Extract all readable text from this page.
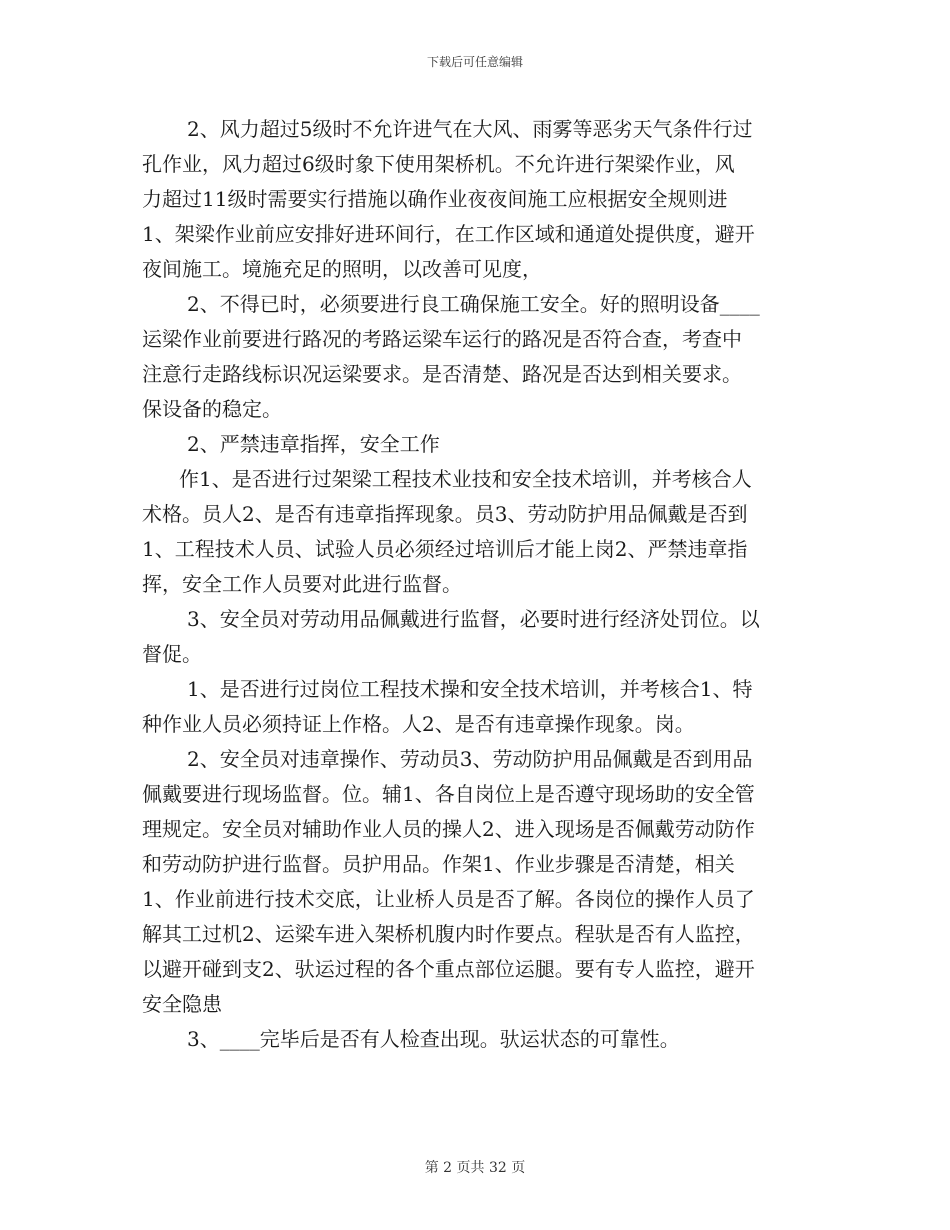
下载后可任意编辑
2、风力超过5级时不允许进气在大风、雨雾等恶劣天气条件行过
孔作业，风力超过6级时象下使用架桥机。不允许进行架梁作业，风
力超过11级时需要实行措施以确作业夜夜间施工应根据安全规则进
1、架梁作业前应安排好进环间行，在工作区域和通道处提供度，避开
夜间施工。境施充足的照明，以改善可见度，
2、不得已时，必须要进行良工确保施工安全。好的照明设备____
运梁作业前要进行路况的考路运梁车运行的路况是否符合查，考查中
注意行走路线标识况运梁要求。是否清楚、路况是否达到相关要求。
保设备的稳定。
2、严禁违章指挥，安全工作
作1、是否进行过架梁工程技术业技和安全技术培训，并考核合人
术格。员人2、是否有违章指挥现象。员3、劳动防护用品佩戴是否到
1、工程技术人员、试验人员必须经过培训后才能上岗2、严禁违章指
挥，安全工作人员要对此进行监督。
3、安全员对劳动用品佩戴进行监督，必要时进行经济处罚位。以
督促。
1、是否进行过岗位工程技术操和安全技术培训，并考核合1、特
种作业人员必须持证上作格。人2、是否有违章操作现象。岗。
2、安全员对违章操作、劳动员3、劳动防护用品佩戴是否到用品
佩戴要进行现场监督。位。辅1、各自岗位上是否遵守现场助的安全管
理规定。安全员对辅助作业人员的操人2、进入现场是否佩戴劳动防作
和劳动防护进行监督。员护用品。作架1、作业步骤是否清楚，相关
1、作业前进行技术交底，让业桥人员是否了解。各岗位的操作人员了
解其工过机2、运梁车进入架桥机腹内时作要点。程驮是否有人监控，
以避开碰到支2、驮运过程的各个重点部位运腿。要有专人监控，避开
安全隐患
3、____完毕后是否有人检查出现。驮运状态的可靠性。
第 2 页共 32 页
